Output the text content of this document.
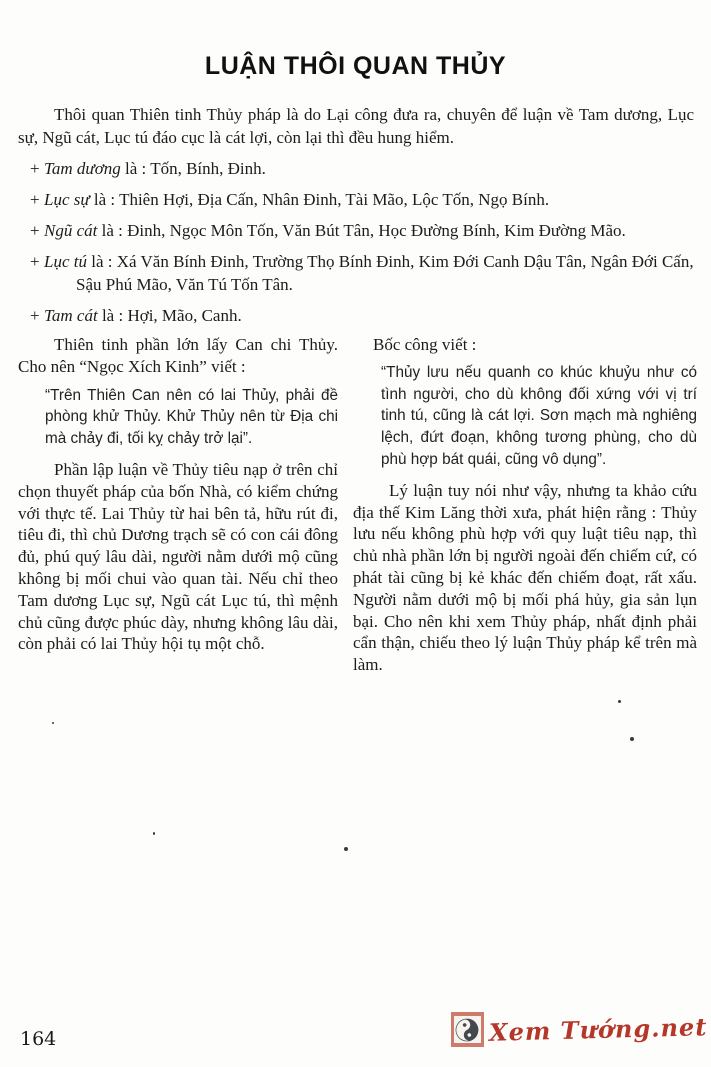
LUẬN THÔI QUAN THỦY

Thôi quan Thiên tinh Thủy pháp là do Lại công đưa ra, chuyên để luận về Tam dương, Lục sự, Ngũ cát, Lục tú đáo cục là cát lợi, còn lại thì đều hung hiểm.

+ Tam dương là : Tốn, Bính, Đinh.
+ Lục sự là : Thiên Hợi, Địa Cấn, Nhân Đinh, Tài Mão, Lộc Tốn, Ngọ Bính.
+ Ngũ cát là : Đinh, Ngọc Môn Tốn, Văn Bút Tân, Học Đường Bính, Kim Đường Mão.
+ Lục tú là : Xá Văn Bính Đinh, Trường Thọ Bính Đinh, Kim Đới Canh Dậu Tân, Ngân Đới Cấn, Sậu Phú Mão, Văn Tú Tốn Tân.
+ Tam cát là : Hợi, Mão, Canh.

Thiên tinh phần lớn lấy Can chi Thủy. Cho nên “Ngọc Xích Kinh” viết :

“Trên Thiên Can nên có lai Thủy, phải đề phòng khử Thủy. Khử Thủy nên từ Địa chi mà chảy đi, tối kỵ chảy trở lại”.

Phần lập luận về Thủy tiêu nạp ở trên chỉ chọn thuyết pháp của bốn Nhà, có kiểm chứng với thực tế. Lai Thủy từ hai bên tả, hữu rút đi, tiêu đi, thì chủ Dương trạch sẽ có con cái đông đủ, phú quý lâu dài, người nằm dưới mộ cũng không bị mối chui vào quan tài. Nếu chỉ theo Tam dương Lục sự, Ngũ cát Lục tú, thì mệnh chủ cũng được phúc dày, nhưng không lâu dài, còn phải có lai Thủy hội tụ một chỗ.

Bốc công viết :

“Thủy lưu nếu quanh co khúc khuỷu như có tình người, cho dù không đối xứng với vị trí tinh tú, cũng là cát lợi. Sơn mạch mà nghiêng lệch, đứt đoạn, không tương phùng, cho dù phù hợp bát quái, cũng vô dụng”.

Lý luận tuy nói như vậy, nhưng ta khảo cứu địa thế Kim Lăng thời xưa, phát hiện rằng : Thủy lưu nếu không phù hợp với quy luật tiêu nạp, thì chủ nhà phần lớn bị người ngoài đến chiếm cứ, có phát tài cũng bị kẻ khác đến chiếm đoạt, rất xấu. Người nằm dưới mộ bị mối phá hủy, gia sản lụn bại. Cho nên khi xem Thủy pháp, nhất định phải cẩn thận, chiếu theo lý luận Thủy pháp kể trên mà làm.

164	Xem Tướng.net
